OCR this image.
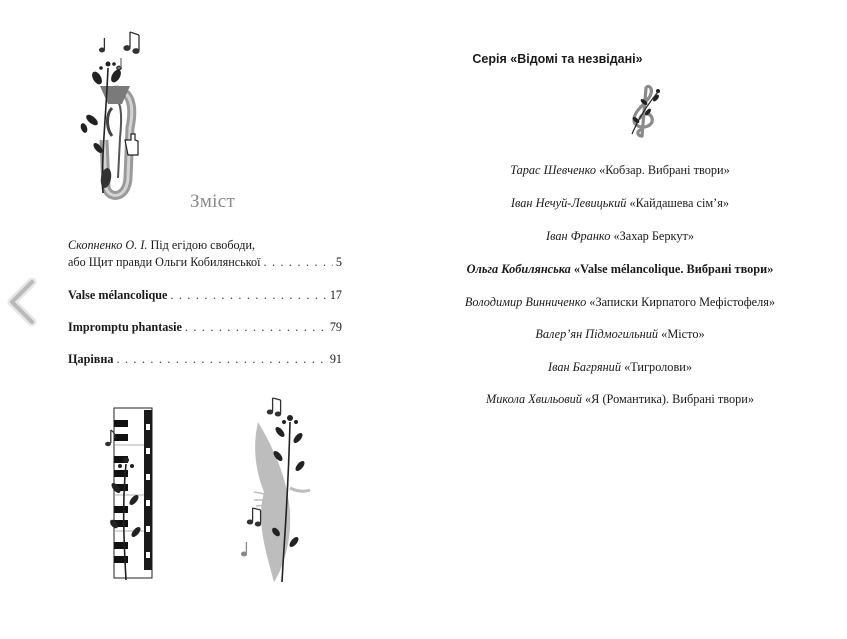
Зміст
Скопненко О. І. Під егідою свободи,
або Щит правди Ольги Кобилянської . . .	5
Valse mélancolique . . .	17
Impromptu phantasie . . .	79
Царівна . . .	91
Серія «Відомі та незвідані»
Тарас Шевченко «Кобзар. Вибрані твори»
Іван Нечуй-Левицький «Кайдашева сім’я»
Іван Франко «Захар Беркут»
Ольга Кобилянська «Valse mélancolique. Вибрані твори»
Володимир Винниченко «Записки Кирпатого Мефістофеля»
Валер’ян Підмогильний «Місто»
Іван Багряний «Тигролови»
Микола Хвильовий «Я (Романтика). Вибрані твори»
